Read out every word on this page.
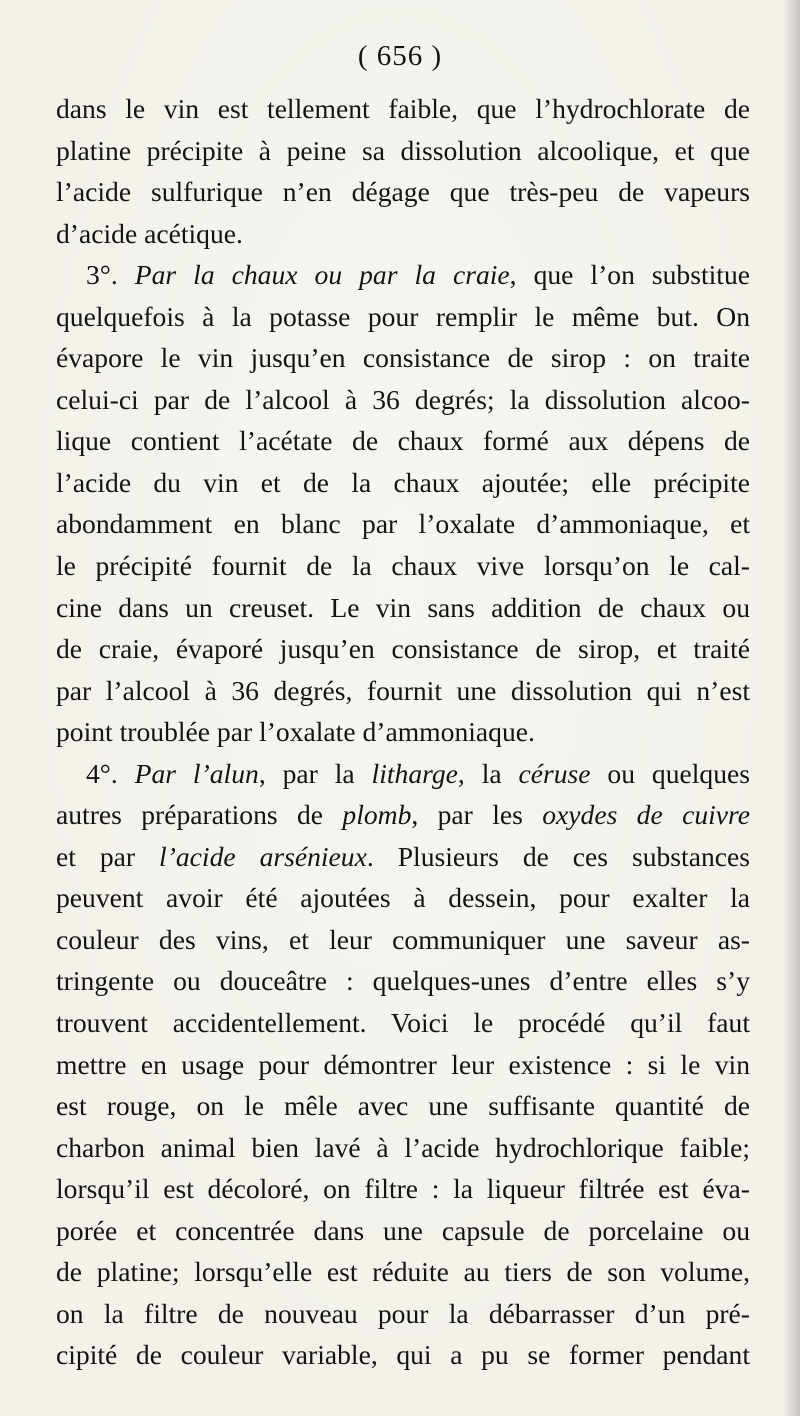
( 656 )
dans le vin est tellement faible, que l’hydrochlorate de
platine précipite à peine sa dissolution alcoolique, et que
l’acide sulfurique n’en dégage que très-peu de vapeurs
d’acide acétique.
3°. Par la chaux ou par la craie, que l’on substitue
quelquefois à la potasse pour remplir le même but. On
évapore le vin jusqu’en consistance de sirop : on traite
celui-ci par de l’alcool à 36 degrés; la dissolution alcoo-
lique contient l’acétate de chaux formé aux dépens de
l’acide du vin et de la chaux ajoutée; elle précipite
abondamment en blanc par l’oxalate d’ammoniaque, et
le précipité fournit de la chaux vive lorsqu’on le cal-
cine dans un creuset. Le vin sans addition de chaux ou
de craie, évaporé jusqu’en consistance de sirop, et traité
par l’alcool à 36 degrés, fournit une dissolution qui n’est
point troublée par l’oxalate d’ammoniaque.
4°. Par l’alun, par la litharge, la céruse ou quelques
autres préparations de plomb, par les oxydes de cuivre
et par l’acide arsénieux. Plusieurs de ces substances
peuvent avoir été ajoutées à dessein, pour exalter la
couleur des vins, et leur communiquer une saveur as-
tringente ou douceâtre : quelques-unes d’entre elles s’y
trouvent accidentellement. Voici le procédé qu’il faut
mettre en usage pour démontrer leur existence : si le vin
est rouge, on le mêle avec une suffisante quantité de
charbon animal bien lavé à l’acide hydrochlorique faible;
lorsqu’il est décoloré, on filtre : la liqueur filtrée est éva-
porée et concentrée dans une capsule de porcelaine ou
de platine; lorsqu’elle est réduite au tiers de son volume,
on la filtre de nouveau pour la débarrasser d’un pré-
cipité de couleur variable, qui a pu se former pendant
